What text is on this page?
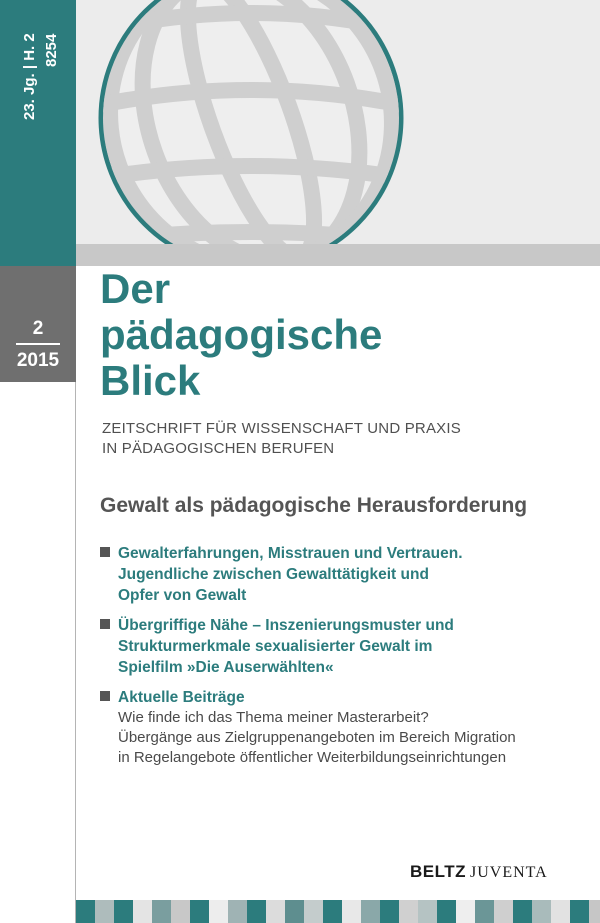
23. Jg. | H. 2 8254
2
2015
Der
pädagogische
Blick
ZEITSCHRIFT FÜR WISSENSCHAFT UND PRAXIS
IN PÄDAGOGISCHEN BERUFEN
Gewalt als pädagogische Herausforderung
Gewalterfahrungen, Misstrauen und Vertrauen.
Jugendliche zwischen Gewalttätigkeit und
Opfer von Gewalt
Übergriffige Nähe – Inszenierungsmuster und
Strukturmerkmale sexualisierter Gewalt im
Spielfilm »Die Auserwählten«
Aktuelle Beiträge
Wie finde ich das Thema meiner Masterarbeit?
Übergänge aus Zielgruppenangeboten im Bereich Migration
in Regelangebote öffentlicher Weiterbildungseinrichtungen
BELTZ JUVENTA
